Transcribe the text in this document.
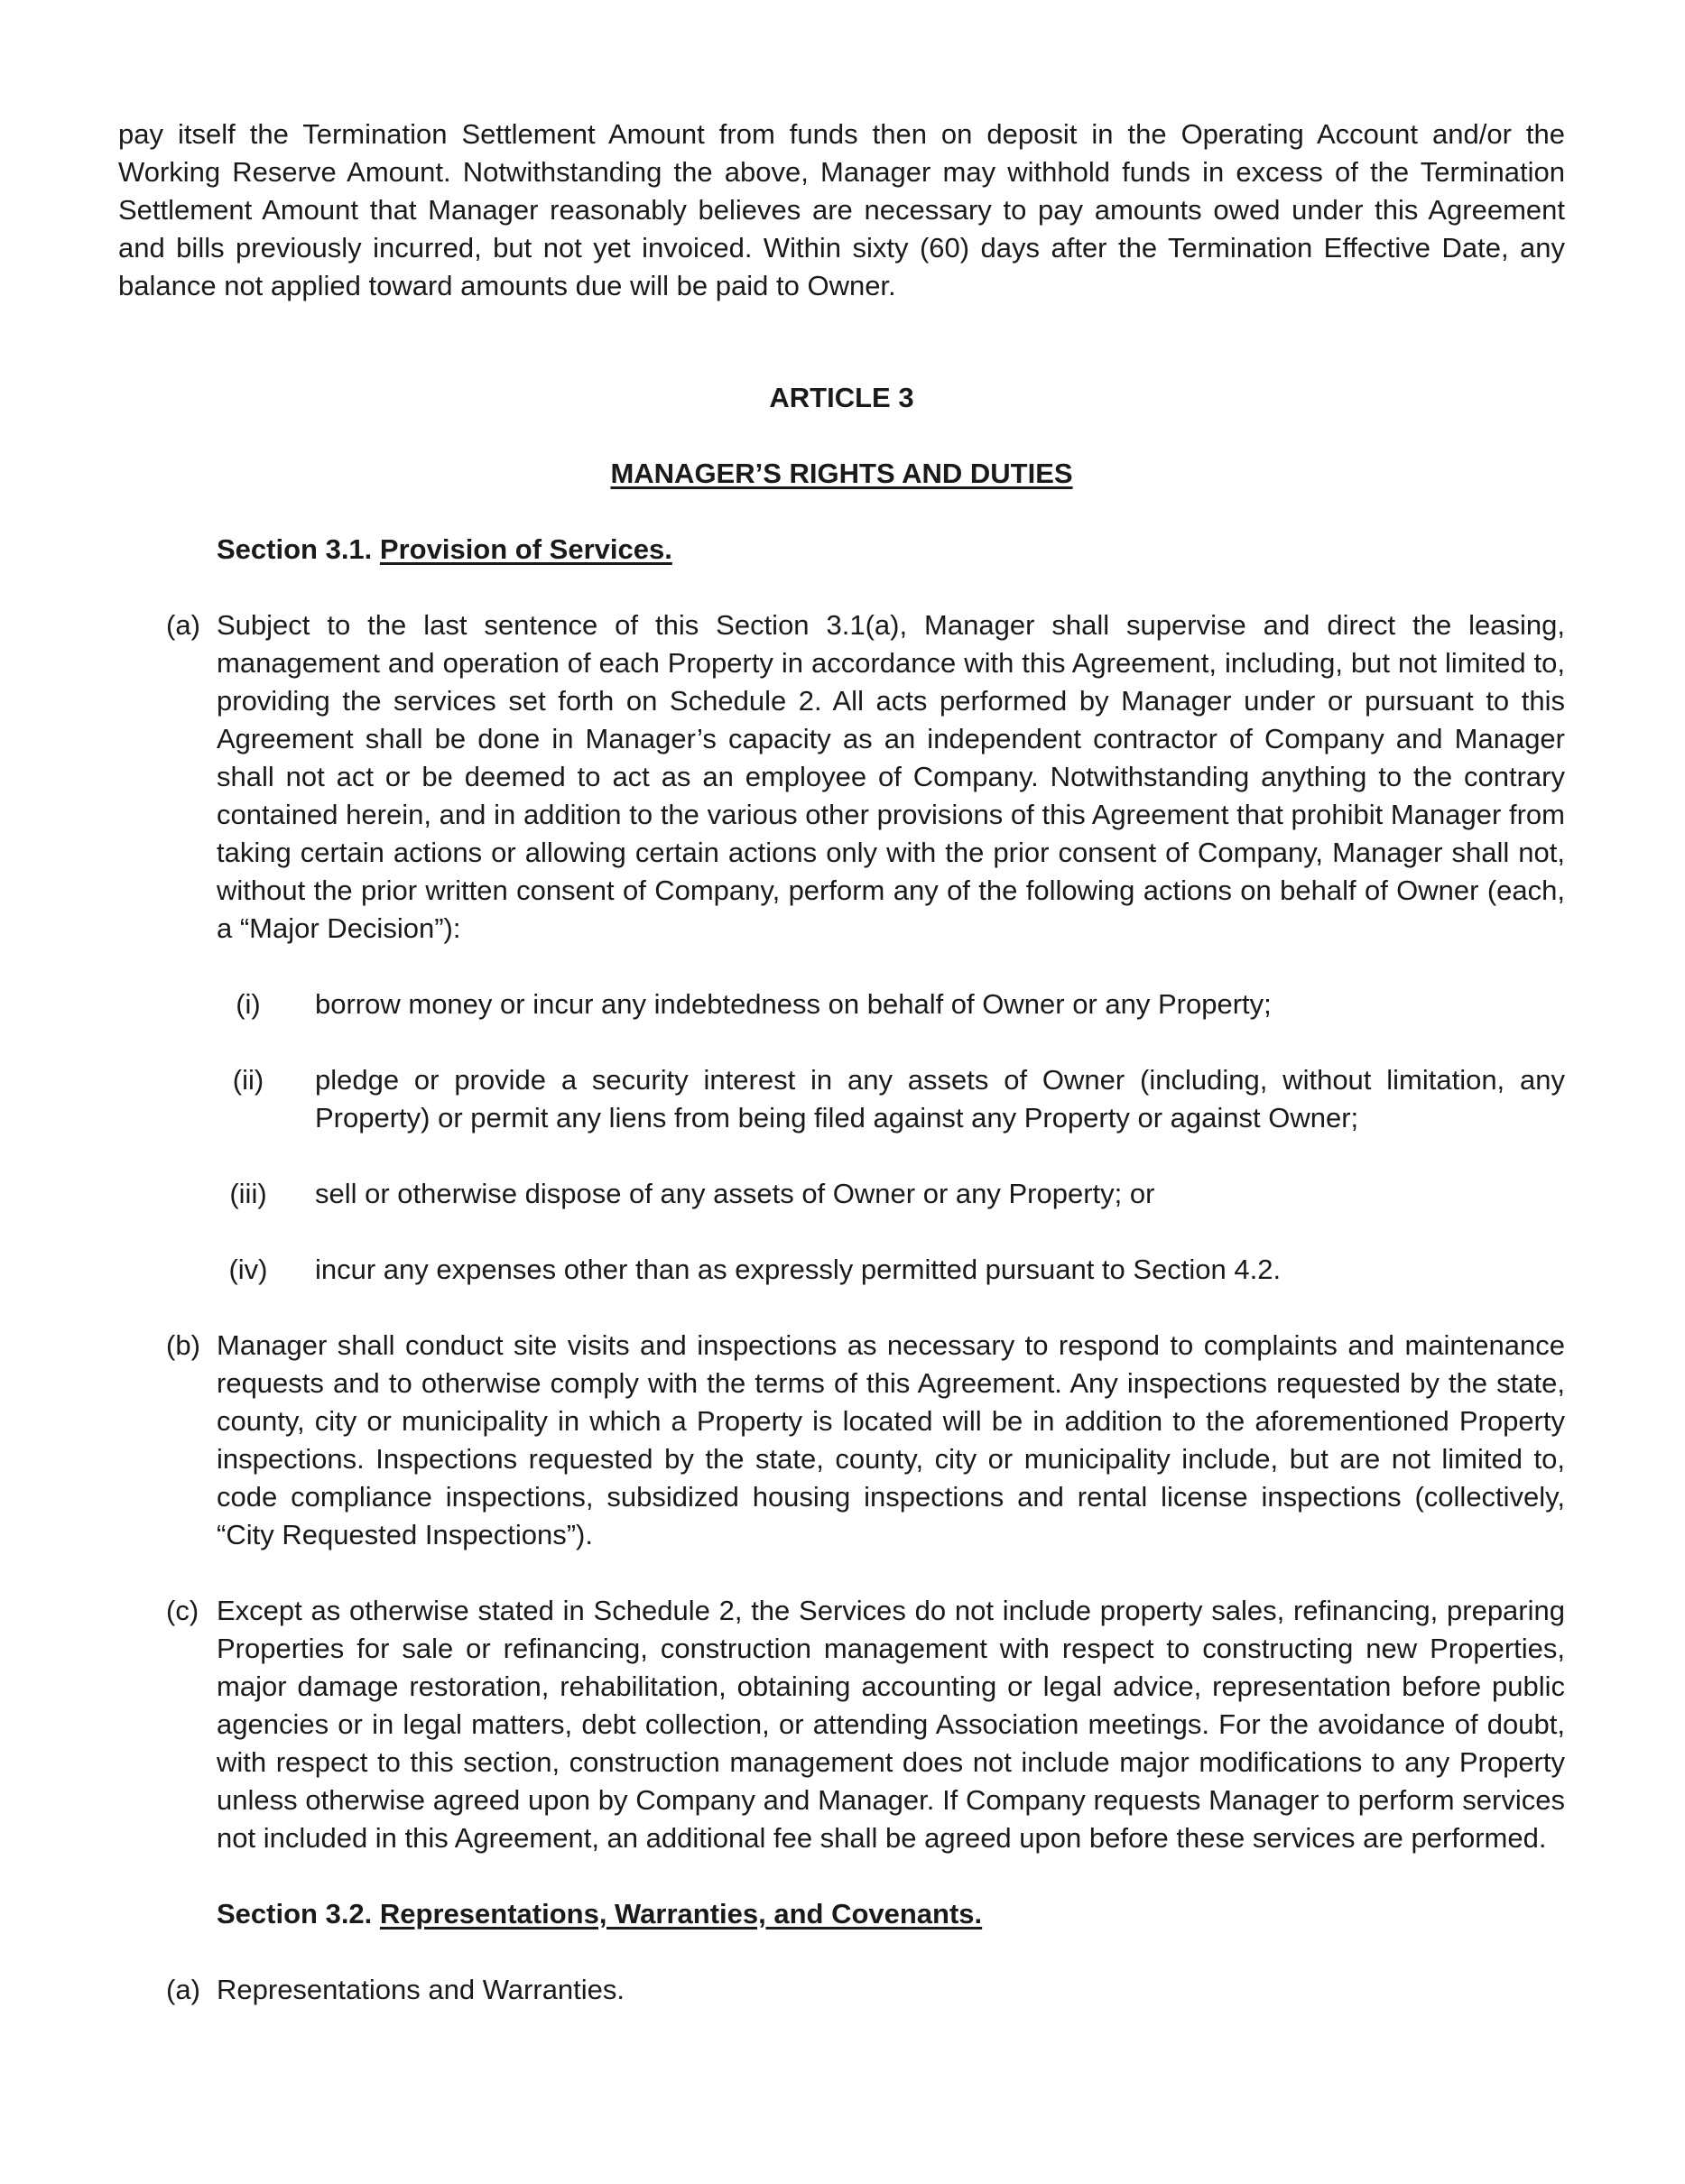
pay itself the Termination Settlement Amount from funds then on deposit in the Operating Account and/or the Working Reserve Amount. Notwithstanding the above, Manager may withhold funds in excess of the Termination Settlement Amount that Manager reasonably believes are necessary to pay amounts owed under this Agreement and bills previously incurred, but not yet invoiced. Within sixty (60) days after the Termination Effective Date, any balance not applied toward amounts due will be paid to Owner.

ARTICLE 3

MANAGER’S RIGHTS AND DUTIES

Section 3.1. Provision of Services.

(a) Subject to the last sentence of this Section 3.1(a), Manager shall supervise and direct the leasing, management and operation of each Property in accordance with this Agreement, including, but not limited to, providing the services set forth on Schedule 2. All acts performed by Manager under or pursuant to this Agreement shall be done in Manager’s capacity as an independent contractor of Company and Manager shall not act or be deemed to act as an employee of Company. Notwithstanding anything to the contrary contained herein, and in addition to the various other provisions of this Agreement that prohibit Manager from taking certain actions or allowing certain actions only with the prior consent of Company, Manager shall not, without the prior written consent of Company, perform any of the following actions on behalf of Owner (each, a “Major Decision”):

(i)	borrow money or incur any indebtedness on behalf of Owner or any Property;

(ii)	pledge or provide a security interest in any assets of Owner (including, without limitation, any Property) or permit any liens from being filed against any Property or against Owner;

(iii)	sell or otherwise dispose of any assets of Owner or any Property; or

(iv)	incur any expenses other than as expressly permitted pursuant to Section 4.2.

(b) Manager shall conduct site visits and inspections as necessary to respond to complaints and maintenance requests and to otherwise comply with the terms of this Agreement. Any inspections requested by the state, county, city or municipality in which a Property is located will be in addition to the aforementioned Property inspections. Inspections requested by the state, county, city or municipality include, but are not limited to, code compliance inspections, subsidized housing inspections and rental license inspections (collectively, “City Requested Inspections”).

(c) Except as otherwise stated in Schedule 2, the Services do not include property sales, refinancing, preparing Properties for sale or refinancing, construction management with respect to constructing new Properties, major damage restoration, rehabilitation, obtaining accounting or legal advice, representation before public agencies or in legal matters, debt collection, or attending Association meetings. For the avoidance of doubt, with respect to this section, construction management does not include major modifications to any Property unless otherwise agreed upon by Company and Manager. If Company requests Manager to perform services not included in this Agreement, an additional fee shall be agreed upon before these services are performed.

Section 3.2. Representations, Warranties, and Covenants.

(a) Representations and Warranties.
